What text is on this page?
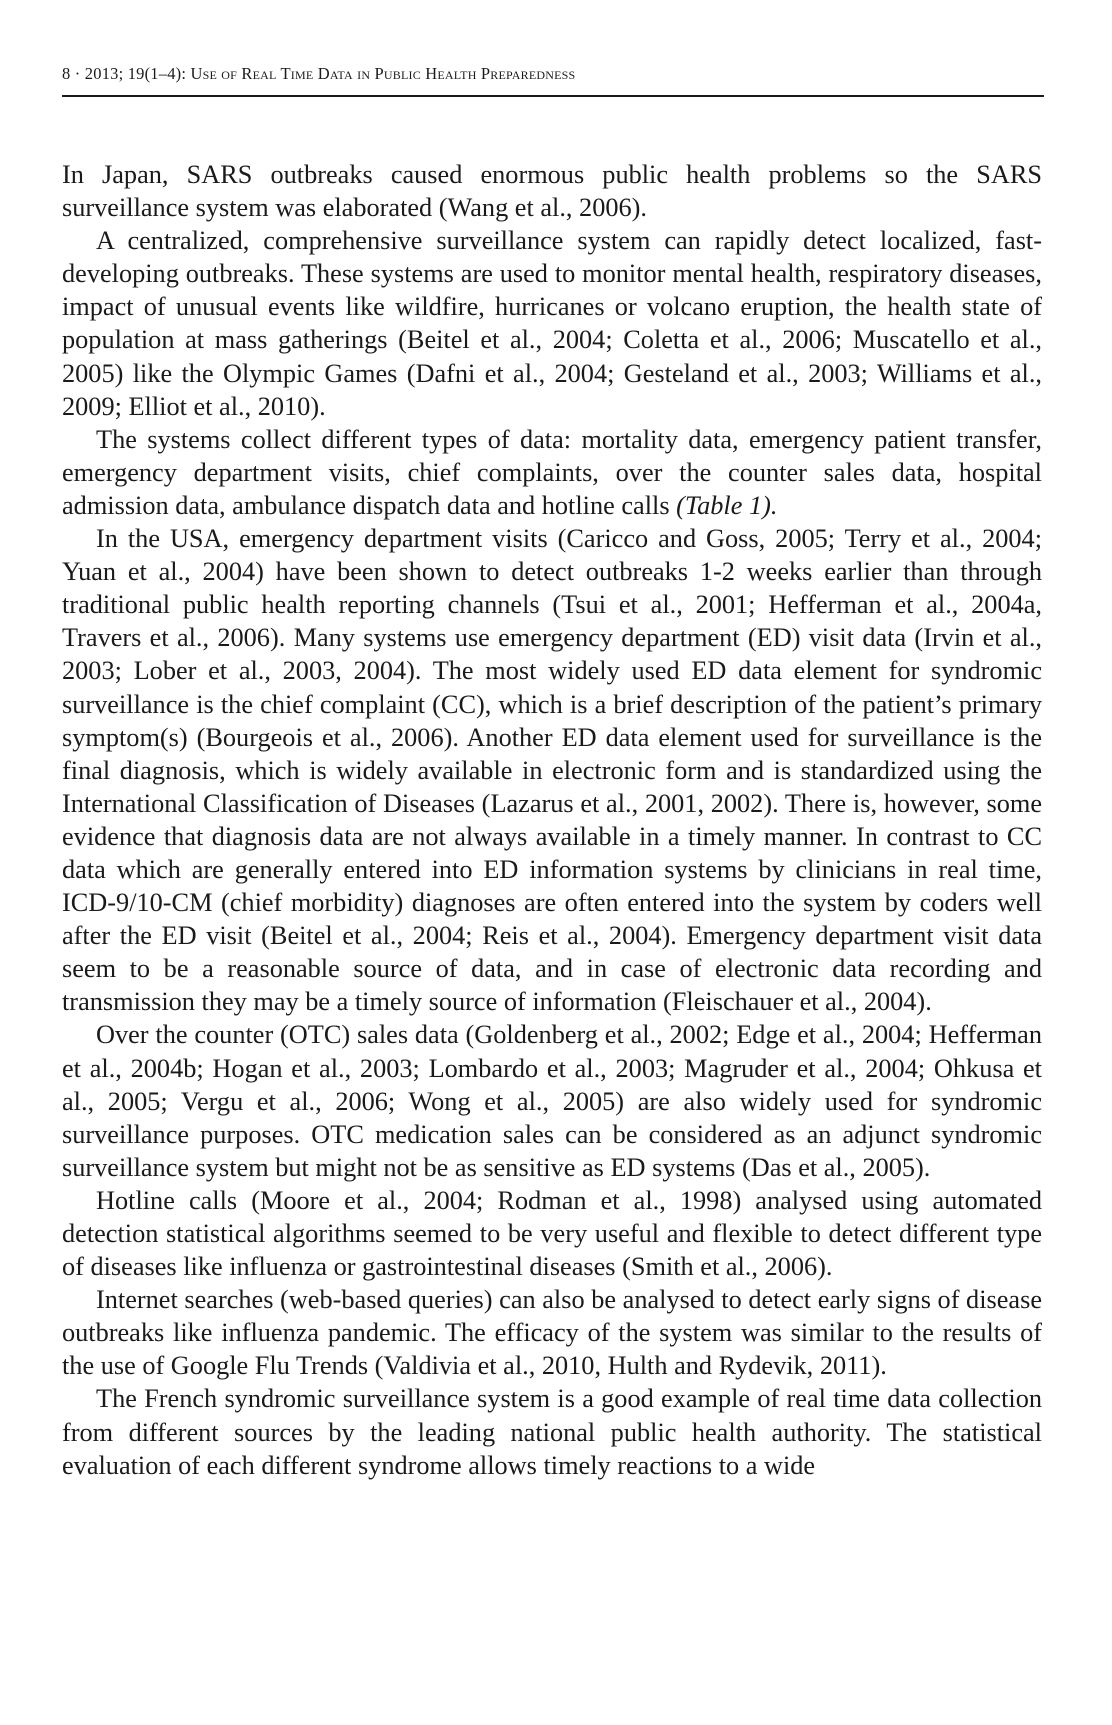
8 · 2013; 19(1–4): Use of Real Time Data in Public Health Preparedness

In Japan, SARS outbreaks caused enormous public health problems so the SARS surveillance system was elaborated (Wang et al., 2006).

A centralized, comprehensive surveillance system can rapidly detect localized, fast-developing outbreaks. These systems are used to monitor mental health, respiratory diseases, impact of unusual events like wildfire, hurricanes or volcano eruption, the health state of population at mass gatherings (Beitel et al., 2004; Coletta et al., 2006; Muscatello et al., 2005) like the Olympic Games (Dafni et al., 2004; Gesteland et al., 2003; Williams et al., 2009; Elliot et al., 2010).

The systems collect different types of data: mortality data, emergency patient transfer, emergency department visits, chief complaints, over the counter sales data, hospital admission data, ambulance dispatch data and hotline calls (Table 1).

In the USA, emergency department visits (Caricco and Goss, 2005; Terry et al., 2004; Yuan et al., 2004) have been shown to detect outbreaks 1-2 weeks earlier than through traditional public health reporting channels (Tsui et al., 2001; Hefferman et al., 2004a, Travers et al., 2006). Many systems use emergency department (ED) visit data (Irvin et al., 2003; Lober et al., 2003, 2004). The most widely used ED data element for syndromic surveillance is the chief complaint (CC), which is a brief description of the patient’s primary symptom(s) (Bourgeois et al., 2006). Another ED data element used for surveillance is the final diagnosis, which is widely available in electronic form and is standardized using the International Classification of Diseases (Lazarus et al., 2001, 2002). There is, however, some evidence that diagnosis data are not always available in a timely manner. In contrast to CC data which are generally entered into ED information systems by clinicians in real time, ICD-9/10-CM (chief morbidity) diagnoses are often entered into the system by coders well after the ED visit (Beitel et al., 2004; Reis et al., 2004). Emergency department visit data seem to be a reasonable source of data, and in case of electronic data recording and transmission they may be a timely source of information (Fleischauer et al., 2004).

Over the counter (OTC) sales data (Goldenberg et al., 2002; Edge et al., 2004; Hefferman et al., 2004b; Hogan et al., 2003; Lombardo et al., 2003; Magruder et al., 2004; Ohkusa et al., 2005; Vergu et al., 2006; Wong et al., 2005) are also widely used for syndromic surveillance purposes. OTC medication sales can be considered as an adjunct syndromic surveillance system but might not be as sensitive as ED systems (Das et al., 2005).

Hotline calls (Moore et al., 2004; Rodman et al., 1998) analysed using automated detection statistical algorithms seemed to be very useful and flexible to detect different type of diseases like influenza or gastrointestinal diseases (Smith et al., 2006).

Internet searches (web-based queries) can also be analysed to detect early signs of disease outbreaks like influenza pandemic. The efficacy of the system was similar to the results of the use of Google Flu Trends (Valdivia et al., 2010, Hulth and Rydevik, 2011).

The French syndromic surveillance system is a good example of real time data collection from different sources by the leading national public health authority. The statistical evaluation of each different syndrome allows timely reactions to a wide
